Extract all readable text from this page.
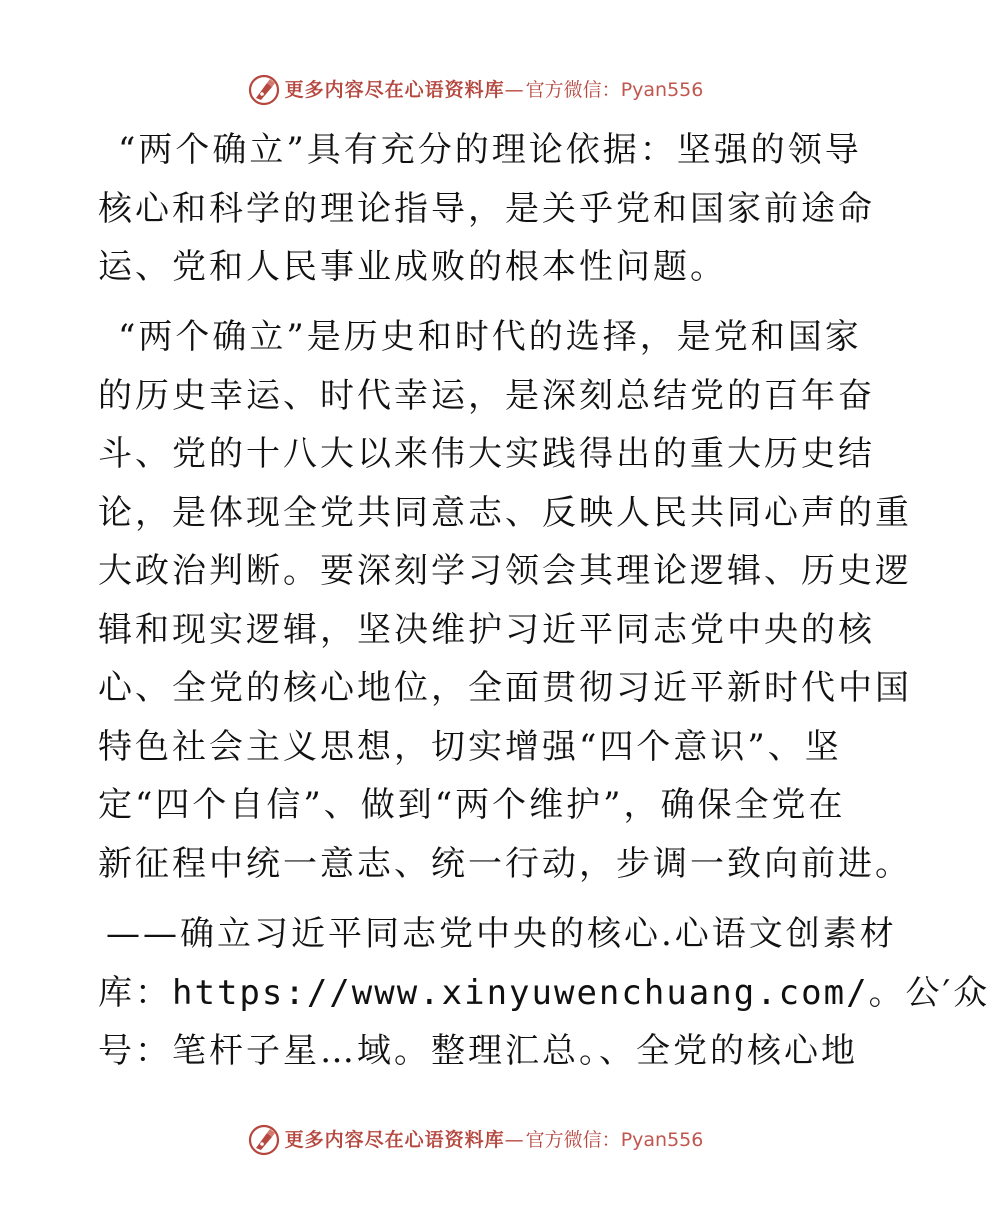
更多内容尽在心语资料库 — 官方微信： Pyan556
“两个确立”具有充分的理论依据：坚强的领导
核心和科学的理论指导，是关乎党和国家前途命
运、党和人民事业成败的根本性问题。
“两个确立”是历史和时代的选择，是党和国家
的历史幸运、时代幸运，是深刻总结党的百年奋
斗、党的十八大以来伟大实践得出的重大历史结
论，是体现全党共同意志、反映人民共同心声的重
大政治判断。要深刻学习领会其理论逻辑、历史逻
辑和现实逻辑，坚决维护习近平同志党中央的核
心、全党的核心地位，全面贯彻习近平新时代中国
特色社会主义思想，切实增强“四个意识”、坚
定“四个自信”、做到“两个维护”，确保全党在
新征程中统一意志、统一行动，步调一致向前进。
——确立习近平同志党中央的核心.心语文创素材
库：https://www.xinyuwenchuang.com/。公′众
号：笔杆子星…域。整理汇总。、全党的核心地
更多内容尽在心语资料库 — 官方微信： Pyan556
